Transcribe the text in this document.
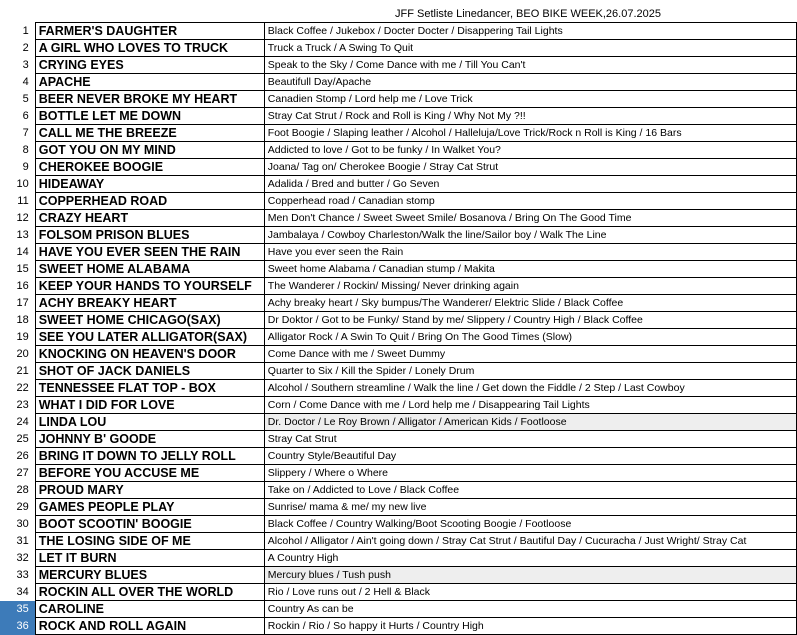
JFF Setliste Linedancer, BEO BIKE WEEK,26.07.2025
1	FARMER'S DAUGHTER	Black Coffee / Jukebox / Docter Docter / Disappering Tail Lights
2	A GIRL WHO LOVES TO TRUCK	Truck a Truck / A Swing To Quit
3	CRYING EYES	Speak to the Sky / Come Dance with me / Till You Can't
4	APACHE	Beautifull Day/Apache
5	BEER NEVER BROKE MY HEART	Canadien Stomp / Lord help me / Love Trick
6	BOTTLE LET ME DOWN	Stray Cat Strut / Rock and Roll is King / Why Not My ?!!
7	CALL ME THE BREEZE	Foot Boogie / Slaping leather / Alcohol / Halleluja/Love Trick/Rock n Roll is King / 16 Bars
8	GOT YOU ON MY MIND	Addicted to love / Got to be funky / In Walket You?
9	CHEROKEE BOOGIE	Joana/ Tag on/ Cherokee Boogie / Stray Cat Strut
10	HIDEAWAY	Adalida / Bred and butter / Go Seven
11	COPPERHEAD ROAD	Copperhead road / Canadian stomp
12	CRAZY HEART	Men Don't Chance / Sweet Sweet Smile/ Bosanova / Bring On The Good Time
13	FOLSOM PRISON BLUES	Jambalaya / Cowboy Charleston/Walk the line/Sailor boy / Walk The Line
14	HAVE YOU EVER SEEN THE RAIN	Have you ever seen the Rain
15	SWEET HOME ALABAMA	Sweet home Alabama / Canadian stump / Makita
16	KEEP YOUR HANDS TO YOURSELF	The Wanderer / Rockin/ Missing/ Never drinking again
17	ACHY BREAKY HEART	Achy breaky heart / Sky bumpus/The Wanderer/ Elektric Slide / Black Coffee
18	SWEET HOME CHICAGO(SAX)	Dr Doktor / Got to be Funky/ Stand by me/ Slippery / Country High / Black Coffee
19	SEE YOU LATER ALLIGATOR(SAX)	Alligator Rock / A Swin To Quit / Bring On The Good Times (Slow)
20	KNOCKING ON HEAVEN'S DOOR	Come Dance with me / Sweet Dummy
21	SHOT OF JACK DANIELS	Quarter to Six / Kill the Spider / Lonely Drum
22	TENNESSEE FLAT TOP - BOX	Alcohol / Southern streamline / Walk the line / Get down the Fiddle / 2 Step / Last Cowboy
23	WHAT I DID FOR LOVE	Corn / Come Dance with me / Lord help me / Disappearing Tail Lights
24	LINDA LOU	Dr. Doctor / Le Roy Brown / Alligator / American Kids / Footloose
25	JOHNNY B' GOODE	Stray Cat Strut
26	BRING IT DOWN TO JELLY ROLL	Country Style/Beautiful Day
27	BEFORE YOU ACCUSE ME	Slippery / Where o Where
28	PROUD MARY	Take on / Addicted to Love / Black Coffee
29	GAMES PEOPLE PLAY	Sunrise/ mama & me/ my new live
30	BOOT SCOOTIN' BOOGIE	Black Coffee / Country Walking/Boot Scooting Boogie / Footloose
31	THE LOSING SIDE OF ME	Alcohol / Alligator / Ain't going down / Stray Cat Strut / Bautiful Day / Cucuracha / Just Wright/ Stray Cat
32	LET IT BURN	A Country High
33	MERCURY BLUES	Mercury blues / Tush push
34	ROCKIN ALL OVER THE WORLD	Rio / Love runs out / 2 Hell & Black
35	CAROLINE	Country As can be
36	ROCK AND ROLL AGAIN	Rockin / Rio / So happy it Hurts / Country High
